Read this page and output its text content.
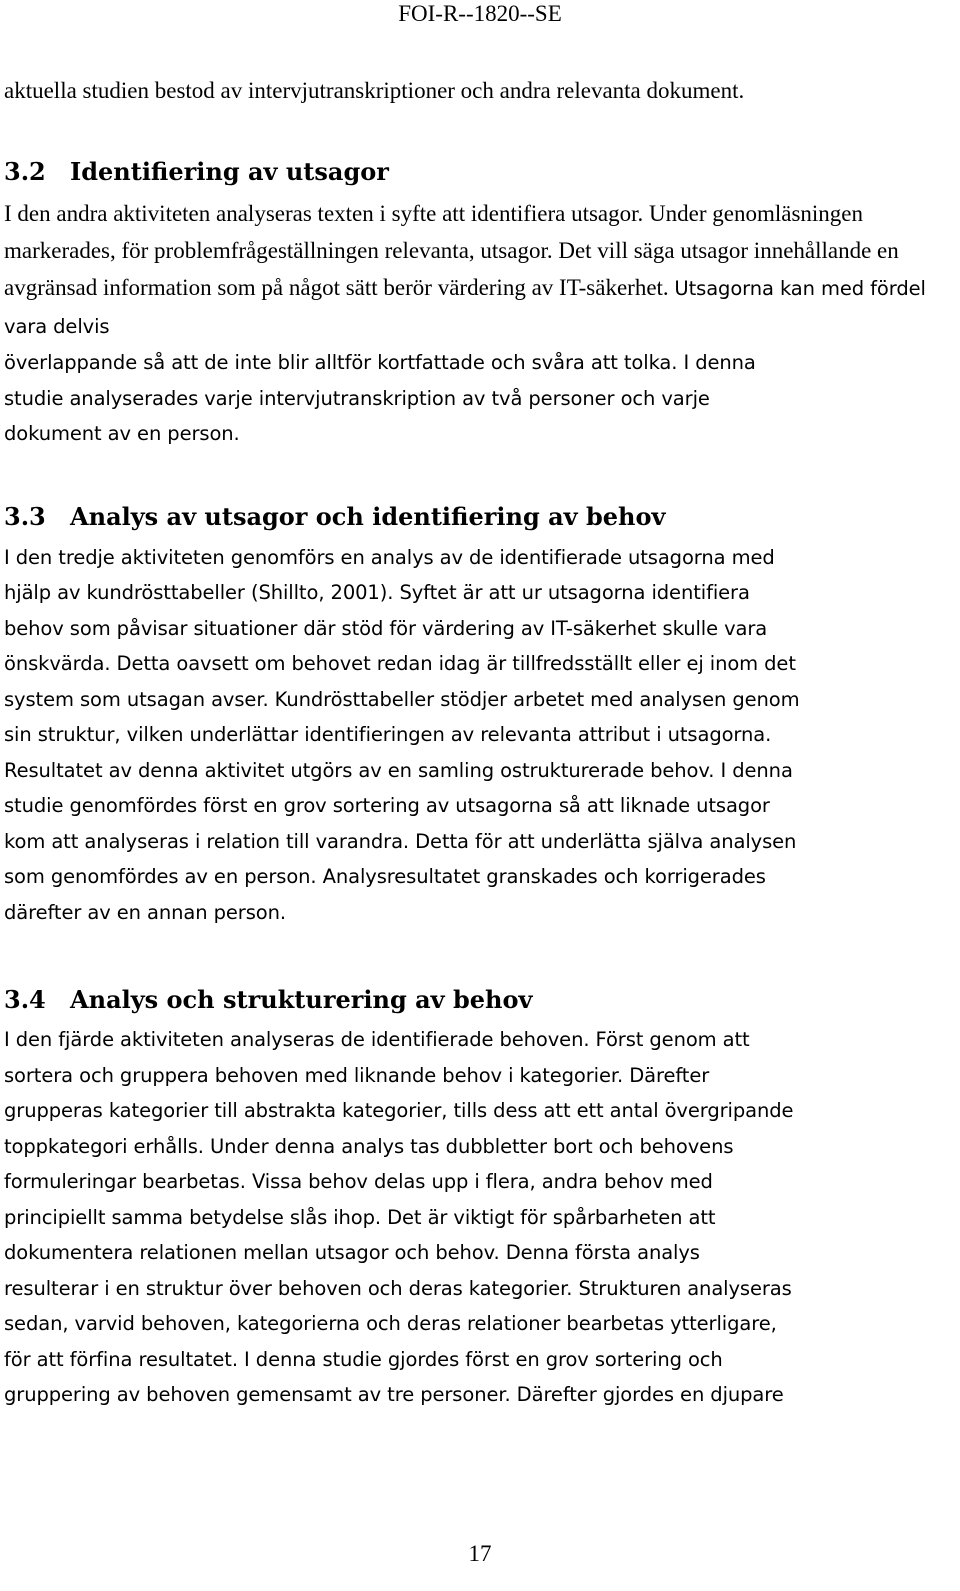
FOI-R--1820--SE

aktuella studien bestod av intervjutranskriptioner och andra relevanta dokument.

3.2 Identifiering av utsagor

I den andra aktiviteten analyseras texten i syfte att identifiera utsagor. Under genomläsningen markerades, för problemfrågeställningen relevanta, utsagor. Det vill säga utsagor innehållande en avgränsad information som på något sätt berör värdering av IT-säkerhet. Utsagorna kan med fördel vara delvis

överlappande så att de inte blir alltför kortfattade och svåra att tolka. I denna
studie analyserades varje intervjutranskription av två personer och varje
dokument av en person.

3.3 Analys av utsagor och identifiering av behov

I den tredje aktiviteten genomförs en analys av de identifierade utsagorna med
hjälp av kundrösttabeller (Shillto, 2001). Syftet är att ur utsagorna identifiera
behov som påvisar situationer där stöd för värdering av IT-säkerhet skulle vara
önskvärda. Detta oavsett om behovet redan idag är tillfredsställt eller ej inom det
system som utsagan avser. Kundrösttabeller stödjer arbetet med analysen genom
sin struktur, vilken underlättar identifieringen av relevanta attribut i utsagorna.
Resultatet av denna aktivitet utgörs av en samling ostrukturerade behov. I denna
studie genomfördes först en grov sortering av utsagorna så att liknade utsagor
kom att analyseras i relation till varandra. Detta för att underlätta själva analysen
som genomfördes av en person. Analysresultatet granskades och korrigerades
därefter av en annan person.

3.4 Analys och strukturering av behov

I den fjärde aktiviteten analyseras de identifierade behoven. Först genom att
sortera och gruppera behoven med liknande behov i kategorier. Därefter
grupperas kategorier till abstrakta kategorier, tills dess att ett antal övergripande
toppkategori erhålls. Under denna analys tas dubbletter bort och behovens
formuleringar bearbetas. Vissa behov delas upp i flera, andra behov med
principiellt samma betydelse slås ihop. Det är viktigt för spårbarheten att
dokumentera relationen mellan utsagor och behov. Denna första analys
resulterar i en struktur över behoven och deras kategorier. Strukturen analyseras
sedan, varvid behoven, kategorierna och deras relationer bearbetas ytterligare,
för att förfina resultatet. I denna studie gjordes först en grov sortering och
gruppering av behoven gemensamt av tre personer. Därefter gjordes en djupare

17
